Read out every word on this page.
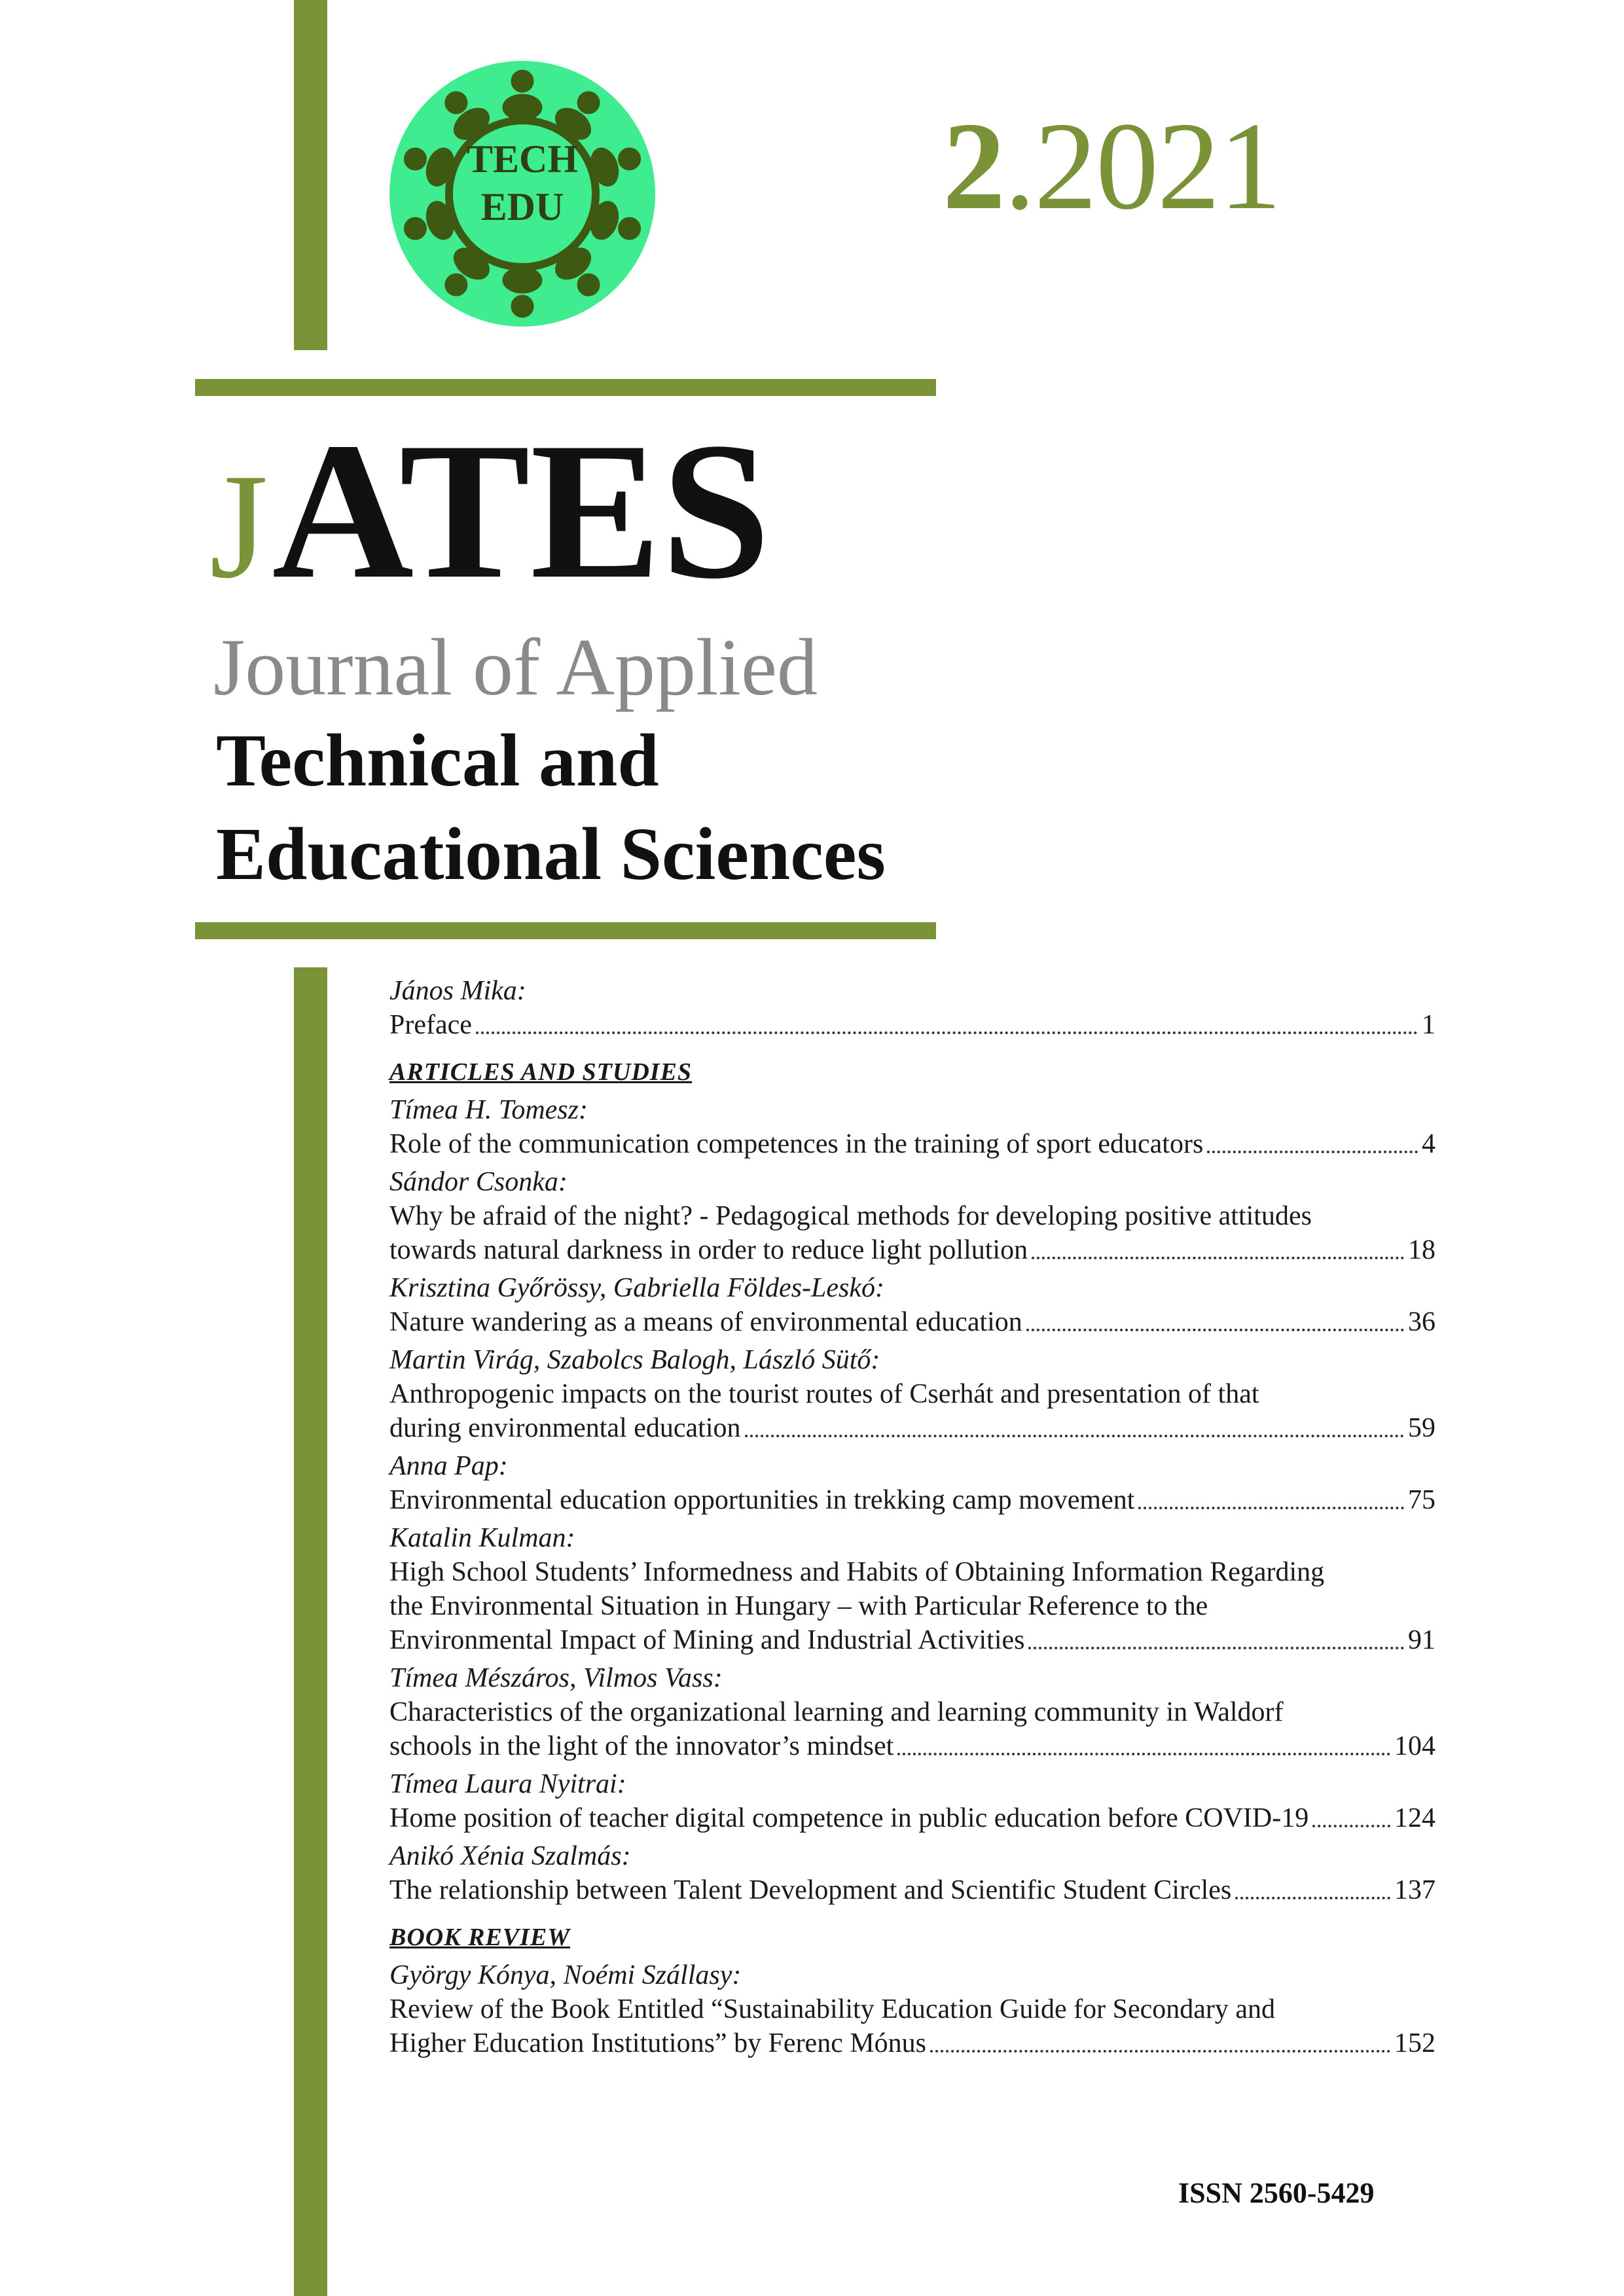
TECH
EDU	2.2021
JATES
Journal of Applied
Technical and
Educational Sciences
János Mika:
Preface	1
ARTICLES AND STUDIES
Tímea H. Tomesz:
Role of the communication competences in the training of sport educators	4
Sándor Csonka:
Why be afraid of the night? - Pedagogical methods for developing positive attitudes
towards natural darkness in order to reduce light pollution	18
Krisztina Győrössy, Gabriella Földes-Leskó:
Nature wandering as a means of environmental education	36
Martin Virág, Szabolcs Balogh, László Sütő:
Anthropogenic impacts on the tourist routes of Cserhát and presentation of that
during environmental education	59
Anna Pap:
Environmental education opportunities in trekking camp movement	75
Katalin Kulman:
High School Students’ Informedness and Habits of Obtaining Information Regarding
the Environmental Situation in Hungary – with Particular Reference to the
Environmental Impact of Mining and Industrial Activities	91
Tímea Mészáros, Vilmos Vass:
Characteristics of the organizational learning and learning community in Waldorf
schools in the light of the innovator’s mindset	104
Tímea Laura Nyitrai:
Home position of teacher digital competence in public education before COVID-19	124
Anikó Xénia Szalmás:
The relationship between Talent Development and Scientific Student Circles	137
BOOK REVIEW
György Kónya, Noémi Szállasy:
Review of the Book Entitled “Sustainability Education Guide for Secondary and
Higher Education Institutions” by Ferenc Mónus	152
ISSN 2560-5429
